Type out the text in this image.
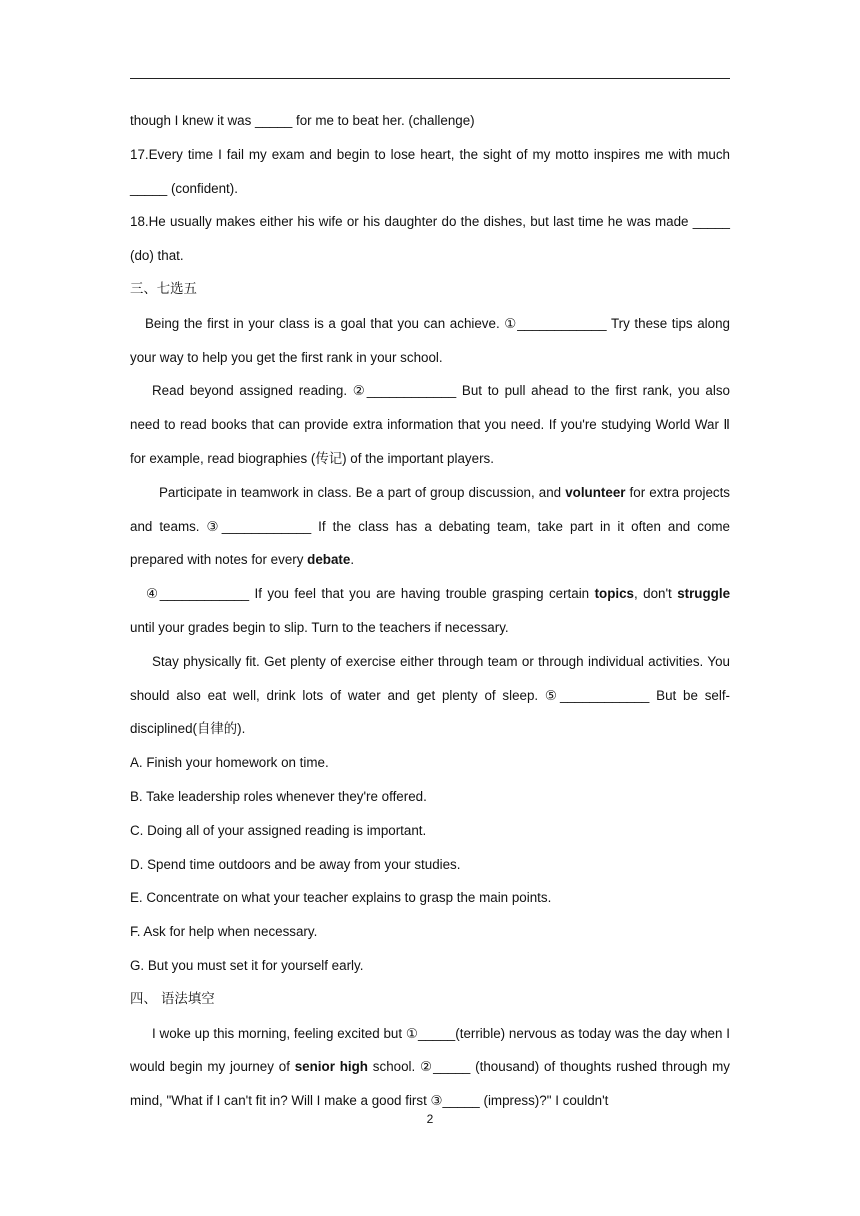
though I knew it was _____ for me to beat her. (challenge)

17.Every time I fail my exam and begin to lose heart, the sight of my motto inspires me with much _____ (confident).

18.He usually makes either his wife or his daughter do the dishes, but last time he was made _____ (do) that.

三、七选五

Being the first in your class is a goal that you can achieve. ①____________ Try these tips along your way to help you get the first rank in your school.

Read beyond assigned reading. ②____________ But to pull ahead to the first rank, you also need to read books that can provide extra information that you need. If you're studying World War Ⅱ for example, read biographies (传记) of the important players.

Participate in teamwork in class. Be a part of group discussion, and volunteer for extra projects and teams. ③____________ If the class has a debating team, take part in it often and come prepared with notes for every debate.

④____________ If you feel that you are having trouble grasping certain topics, don't struggle until your grades begin to slip. Turn to the teachers if necessary.

Stay physically fit. Get plenty of exercise either through team or through individual activities. You should also eat well, drink lots of water and get plenty of sleep. ⑤____________ But be self-disciplined(自律的).

A. Finish your homework on time.

B. Take leadership roles whenever they're offered.

C. Doing all of your assigned reading is important.

D. Spend time outdoors and be away from your studies.

E. Concentrate on what your teacher explains to grasp the main points.

F. Ask for help when necessary.

G. But you must set it for yourself early.

四、 语法填空

I woke up this morning, feeling excited but ①_____(terrible) nervous as today was the day when I would begin my journey of senior high school. ②_____ (thousand) of thoughts rushed through my mind, "What if I can't fit in? Will I make a good first ③_____ (impress)?" I couldn't

2
